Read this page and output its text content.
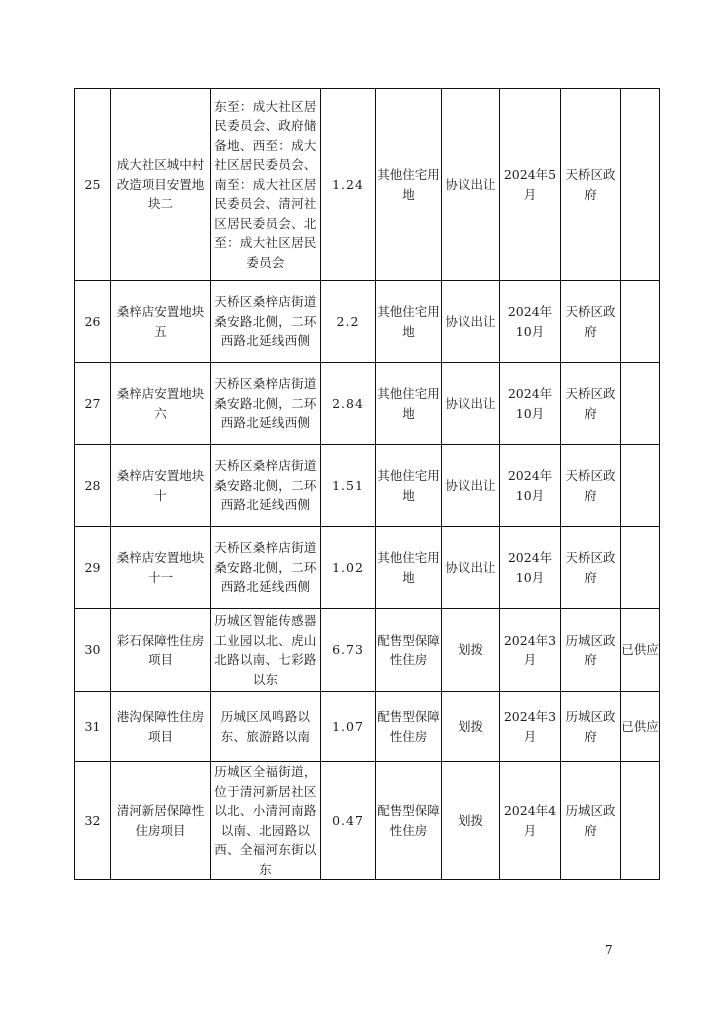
25	成大社区城中村改造项目安置地块二	东至：成大社区居民委员会、政府储备地、西至：成大社区居民委员会、南至：成大社区居民委员会、清河社区居民委员会、北至：成大社区居民委员会	1.24	其他住宅用地	协议出让	2024年5月	天桥区政府	
26	桑梓店安置地块五	天桥区桑梓店街道桑安路北侧，二环西路北延线西侧	2.2	其他住宅用地	协议出让	2024年10月	天桥区政府	
27	桑梓店安置地块六	天桥区桑梓店街道桑安路北侧，二环西路北延线西侧	2.84	其他住宅用地	协议出让	2024年10月	天桥区政府	
28	桑梓店安置地块十	天桥区桑梓店街道桑安路北侧，二环西路北延线西侧	1.51	其他住宅用地	协议出让	2024年10月	天桥区政府	
29	桑梓店安置地块十一	天桥区桑梓店街道桑安路北侧，二环西路北延线西侧	1.02	其他住宅用地	协议出让	2024年10月	天桥区政府	
30	彩石保障性住房项目	历城区智能传感器工业园以北、虎山北路以南、七彩路以东	6.73	配售型保障性住房	划拨	2024年3月	历城区政府	已供应
31	港沟保障性住房项目	历城区凤鸣路以东、旅游路以南	1.07	配售型保障性住房	划拨	2024年3月	历城区政府	已供应
32	清河新居保障性住房项目	历城区全福街道，位于清河新居社区以北、小清河南路以南、北园路以西、全福河东街以东	0.47	配售型保障性住房	划拨	2024年4月	历城区政府	
7
